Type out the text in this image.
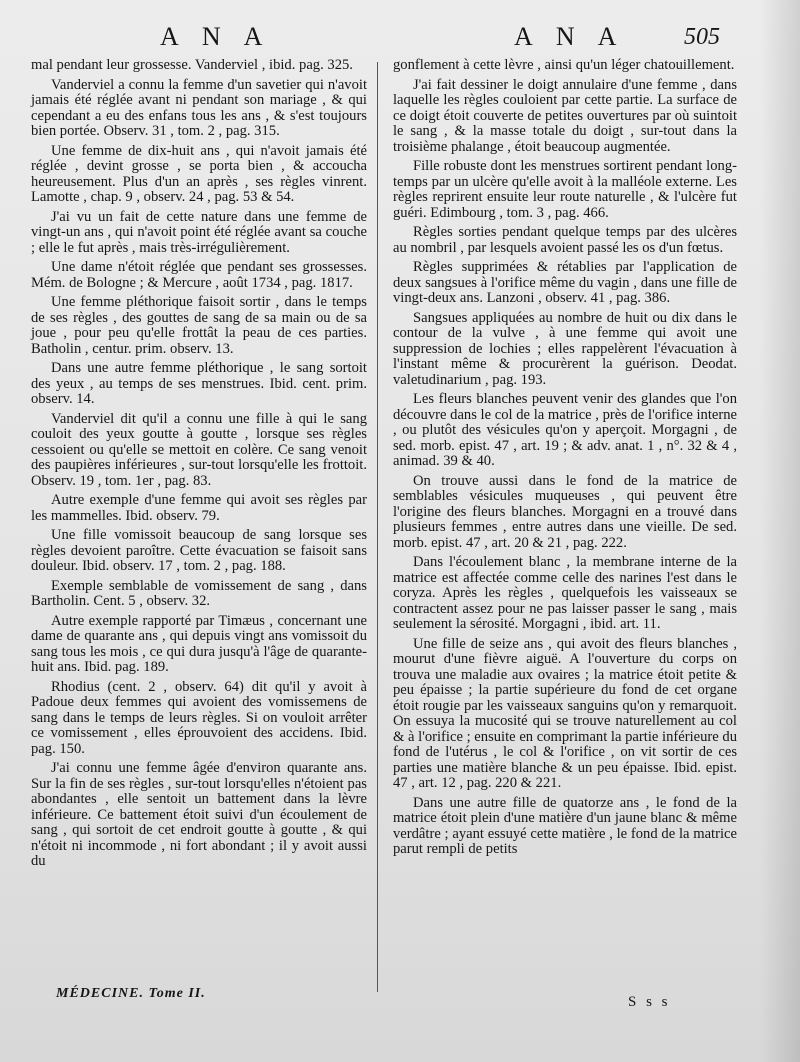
A N A	A N A 505

mal pendant leur grossesse. Vanderviel , ibid. pag. 325.

Vanderviel a connu la femme d'un savetier qui n'avoit jamais été réglée avant ni pendant son mariage , & qui cependant a eu des enfans tous les ans , & s'est toujours bien portée. Observ. 31 , tom. 2 , pag. 315.

Une femme de dix-huit ans , qui n'avoit jamais été réglée , devint grosse , se porta bien , & accoucha heureusement. Plus d'un an après , ses règles vinrent. Lamotte , chap. 9 , observ. 24 , pag. 53 & 54.

J'ai vu un fait de cette nature dans une femme de vingt-un ans , qui n'avoit point été réglée avant sa couche ; elle le fut après , mais très-irrégulièrement.

Une dame n'étoit réglée que pendant ses grossesses. Mém. de Bologne ; & Mercure , août 1734 , pag. 1817.

Une femme pléthorique faisoit sortir , dans le temps de ses règles , des gouttes de sang de sa main ou de sa joue , pour peu qu'elle frottât la peau de ces parties. Batholin , centur. prim. observ. 13.

Dans une autre femme pléthorique , le sang sortoit des yeux , au temps de ses menstrues. Ibid. cent. prim. observ. 14.

Vanderviel dit qu'il a connu une fille à qui le sang couloit des yeux goutte à goutte , lorsque ses règles cessoient ou qu'elle se mettoit en colère. Ce sang venoit des paupières inférieures , sur-tout lorsqu'elle les frottoit. Observ. 19 , tom. 1er , pag. 83.

Autre exemple d'une femme qui avoit ses règles par les mammelles. Ibid. observ. 79.

Une fille vomissoit beaucoup de sang lorsque ses règles devoient paroître. Cette évacuation se faisoit sans douleur. Ibid. observ. 17 , tom. 2 , pag. 188.

Exemple semblable de vomissement de sang , dans Bartholin. Cent. 5 , observ. 32.

Autre exemple rapporté par Timæus , concernant une dame de quarante ans , qui depuis vingt ans vomissoit du sang tous les mois , ce qui dura jusqu'à l'âge de quarante-huit ans. Ibid. pag. 189.

Rhodius (cent. 2 , observ. 64) dit qu'il y avoit à Padoue deux femmes qui avoient des vomissemens de sang dans le temps de leurs règles. Si on vouloit arrêter ce vomissement , elles éprouvoient des accidens. Ibid. pag. 150.

J'ai connu une femme âgée d'environ quarante ans. Sur la fin de ses règles , sur-tout lorsqu'elles n'étoient pas abondantes , elle sentoit un battement dans la lèvre inférieure. Ce battement étoit suivi d'un écoulement de sang , qui sortoit de cet endroit goutte à goutte , & qui n'étoit ni incommode , ni fort abondant ; il y avoit aussi du

gonflement à cette lèvre , ainsi qu'un léger chatouillement.

J'ai fait dessiner le doigt annulaire d'une femme , dans laquelle les règles couloient par cette partie. La surface de ce doigt étoit couverte de petites ouvertures par où suintoit le sang , & la masse totale du doigt , sur-tout dans la troisième phalange , étoit beaucoup augmentée.

Fille robuste dont les menstrues sortirent pendant long-temps par un ulcère qu'elle avoit à la malléole externe. Les règles reprirent ensuite leur route naturelle , & l'ulcère fut guéri. Edimbourg , tom. 3 , pag. 466.

Règles sorties pendant quelque temps par des ulcères au nombril , par lesquels avoient passé les os d'un fœtus.

Règles supprimées & rétablies par l'application de deux sangsues à l'orifice même du vagin , dans une fille de vingt-deux ans. Lanzoni , observ. 41 , pag. 386.

Sangsues appliquées au nombre de huit ou dix dans le contour de la vulve , à une femme qui avoit une suppression de lochies ; elles rappelèrent l'évacuation à l'instant même & procurèrent la guérison. Deodat. valetudinarium , pag. 193.

Les fleurs blanches peuvent venir des glandes que l'on découvre dans le col de la matrice , près de l'orifice interne , ou plutôt des vésicules qu'on y aperçoit. Morgagni , de sed. morb. epist. 47 , art. 19 ; & adv. anat. 1 , n°. 32 & 4 , animad. 39 & 40.

On trouve aussi dans le fond de la matrice de semblables vésicules muqueuses , qui peuvent être l'origine des fleurs blanches. Morgagni en a trouvé dans plusieurs femmes , entre autres dans une vieille. De sed. morb. epist. 47 , art. 20 & 21 , pag. 222.

Dans l'écoulement blanc , la membrane interne de la matrice est affectée comme celle des narines l'est dans le coryza. Après les règles , quelquefois les vaisseaux se contractent assez pour ne pas laisser passer le sang , mais seulement la sérosité. Morgagni , ibid. art. 11.

Une fille de seize ans , qui avoit des fleurs blanches , mourut d'une fièvre aiguë. A l'ouverture du corps on trouva une maladie aux ovaires ; la matrice étoit petite & peu épaisse ; la partie supérieure du fond de cet organe étoit rougie par les vaisseaux sanguins qu'on y remarquoit. On essuya la mucosité qui se trouve naturellement au col & à l'orifice ; ensuite en comprimant la partie inférieure du fond de l'utérus , le col & l'orifice , on vit sortir de ces parties une matière blanche & un peu épaisse. Ibid. epist. 47 , art. 12 , pag. 220 & 221.

Dans une autre fille de quatorze ans , le fond de la matrice étoit plein d'une matière d'un jaune blanc & même verdâtre ; ayant essuyé cette matière , le fond de la matrice parut rempli de petits

MÉDECINE. Tome II.
S s s
